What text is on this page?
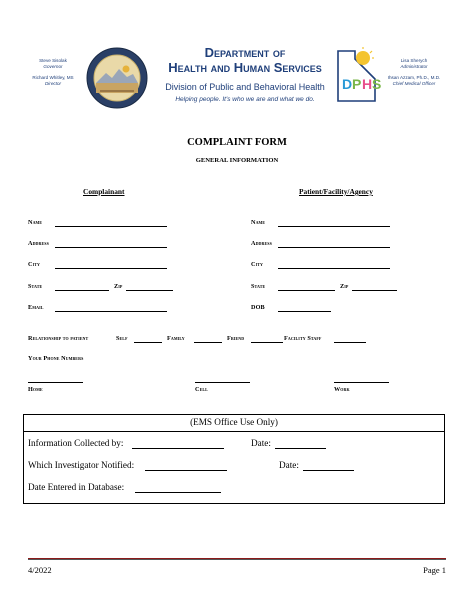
Steve Sisolak
Governor
Richard Whitley, MS
Director
Department of
Health and Human Services
Division of Public and Behavioral Health
Helping people. It's who we are and what we do.
D P H S
Lisa Sherych
Administrator
Ihsan Azzam, Ph.D., M.D.
Chief Medical Officer
COMPLAINT FORM
GENERAL INFORMATION
Complainant	Patient/Facility/Agency
Name
Address
City
State	Zip
Email
Name
Address
City
State	Zip
DOB
Relationship to patient	Self	Family	Friend	Facility Staff
Your Phone Numbers
Home	Cell	Work
(EMS Office Use Only)
Information Collected by:	Date:
Which Investigator Notified:	Date:
Date Entered in Database:
4/2022	Page 1
